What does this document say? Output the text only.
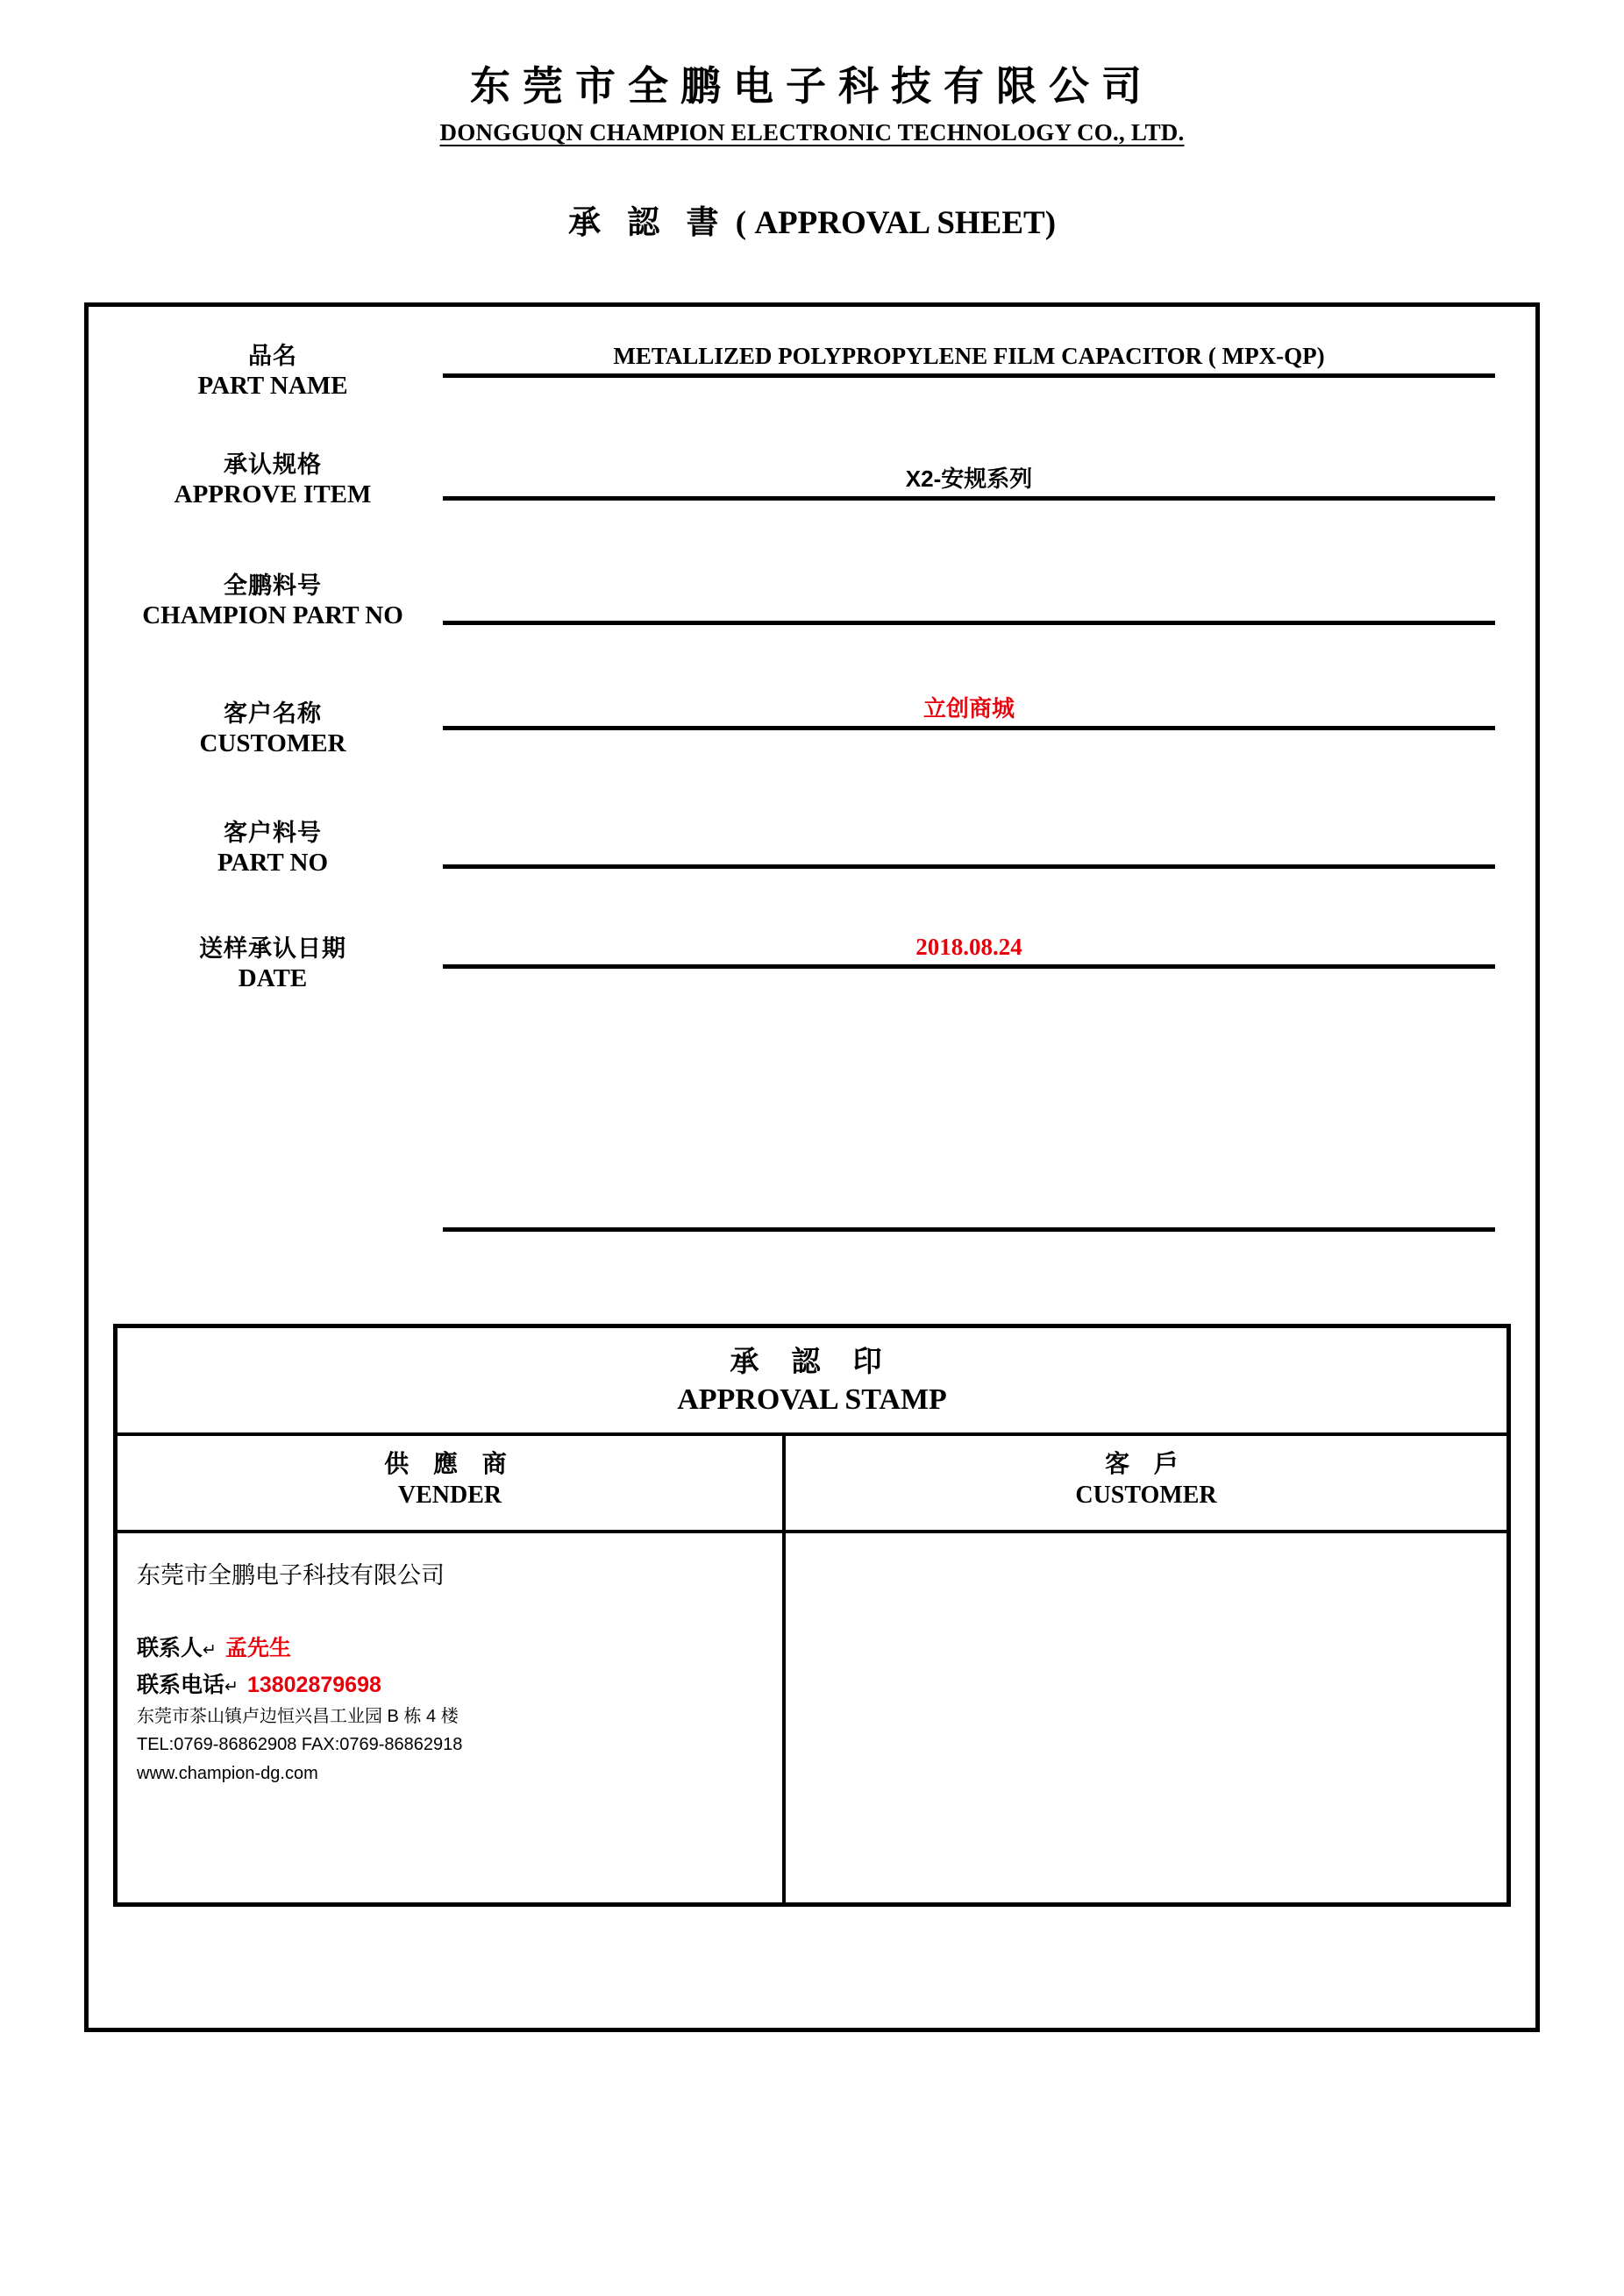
东莞市全鹏电子科技有限公司
DONGGUQN CHAMPION ELECTRONIC TECHNOLOGY CO., LTD.
承 認 書 ( APPROVAL SHEET)
品名
PART NAME
METALLIZED POLYPROPYLENE FILM CAPACITOR ( MPX-QP)
承认规格
APPROVE ITEM
X2-安规系列
全鹏料号
CHAMPION PART NO
客户名称
CUSTOMER
立创商城
客户料号
PART NO
送样承认日期
DATE
2018.08.24
承 認 印
APPROVAL STAMP
供 應 商
VENDER
客 戶
CUSTOMER
东莞市全鹏电子科技有限公司
联系人↵ 孟先生
联系电话↵ 13802879698
东莞市茶山镇卢边恒兴昌工业园 B 栋 4 楼
TEL:0769-86862908 FAX:0769-86862918
www.champion-dg.com
